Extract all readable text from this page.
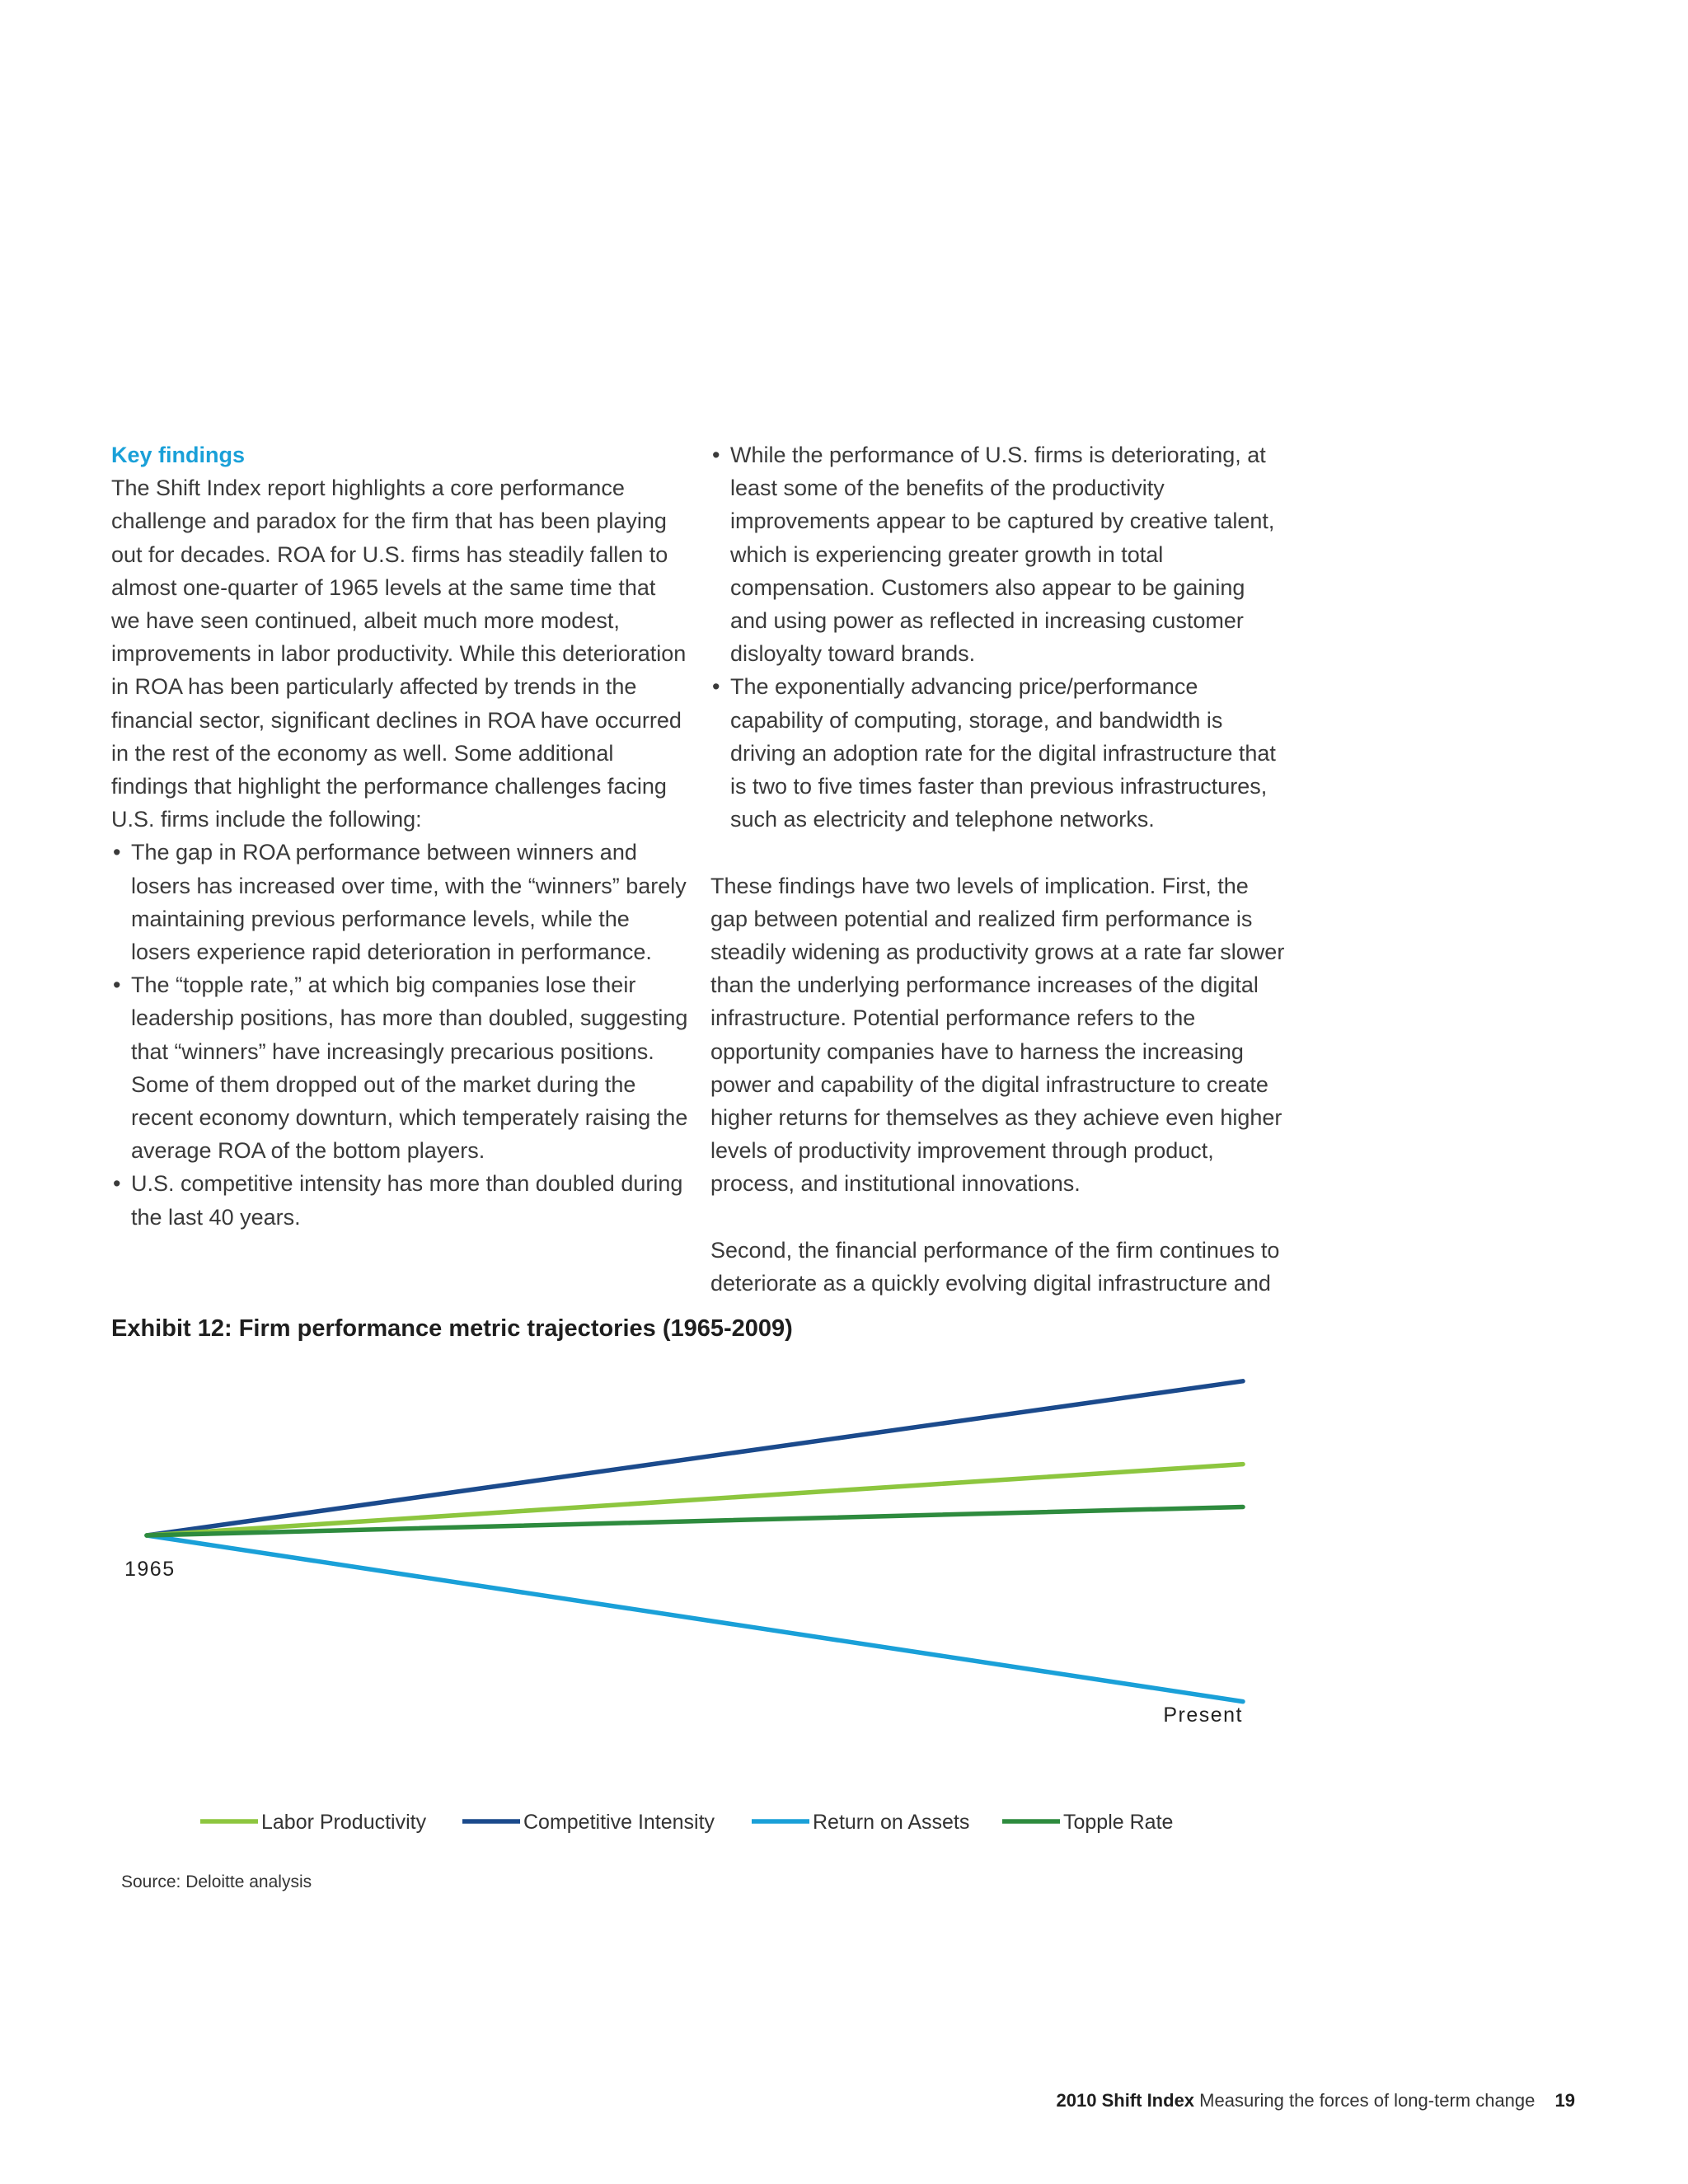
Key findings

The Shift Index report highlights a core performance challenge and paradox for the firm that has been playing out for decades. ROA for U.S. firms has steadily fallen to almost one-quarter of 1965 levels at the same time that we have seen continued, albeit much more modest, improvements in labor productivity. While this deterioration in ROA has been particularly affected by trends in the financial sector, significant declines in ROA have occurred in the rest of the economy as well. Some additional findings that highlight the performance challenges facing U.S. firms include the following:

• The gap in ROA performance between winners and losers has increased over time, with the “winners” barely maintaining previous performance levels, while the losers experience rapid deterioration in performance.
• The “topple rate,” at which big companies lose their leadership positions, has more than doubled, suggesting that “winners” have increasingly precarious positions. Some of them dropped out of the market during the recent economy downturn, which temperately raising the average ROA of the bottom players.
• U.S. competitive intensity has more than doubled during the last 40 years.
• While the performance of U.S. firms is deteriorating, at least some of the benefits of the productivity improvements appear to be captured by creative talent, which is experiencing greater growth in total compensation. Customers also appear to be gaining and using power as reflected in increasing customer disloyalty toward brands.
• The exponentially advancing price/performance capability of computing, storage, and bandwidth is driving an adoption rate for the digital infrastructure that is two to five times faster than previous infrastructures, such as electricity and telephone networks.

These findings have two levels of implication. First, the gap between potential and realized firm performance is steadily widening as productivity grows at a rate far slower than the underlying performance increases of the digital infrastructure. Potential performance refers to the opportunity companies have to harness the increasing power and capability of the digital infrastructure to create higher returns for themselves as they achieve even higher levels of productivity improvement through product, process, and institutional innovations.

Second, the financial performance of the firm continues to deteriorate as a quickly evolving digital infrastructure and

Exhibit 12: Firm performance metric trajectories (1965-2009)

1965
Present
Labor Productivity	Competitive Intensity	Return on Assets	Topple Rate

Source: Deloitte analysis

2010 Shift Index Measuring the forces of long-term change 19
